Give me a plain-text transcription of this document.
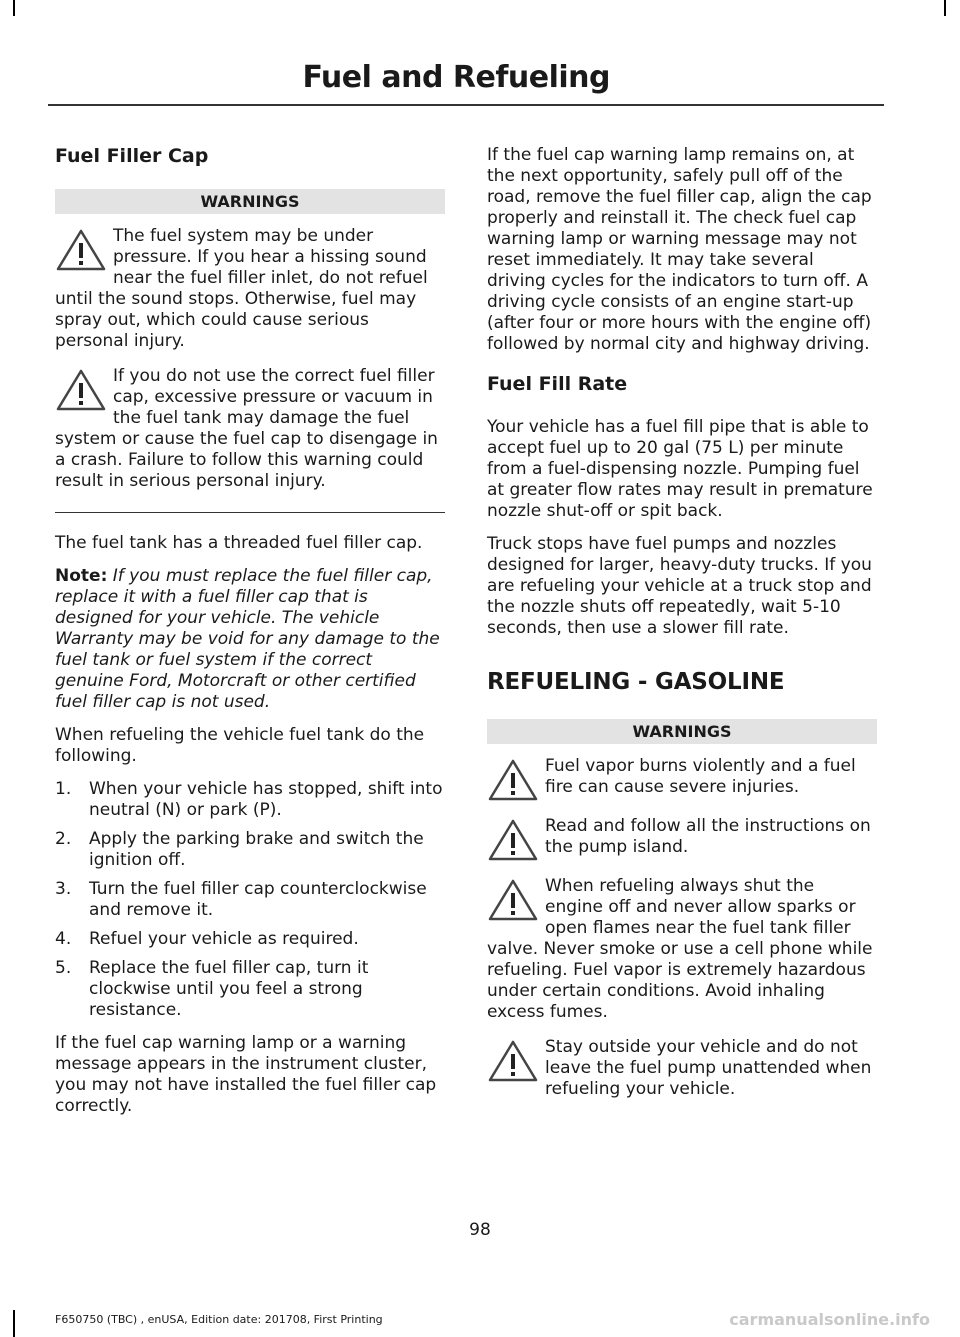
Fuel and Refueling
Fuel Filler Cap
WARNINGS

The fuel system may be under pressure. If you hear a hissing sound near the fuel filler inlet, do not refuel until the sound stops. Otherwise, fuel may spray out, which could cause serious personal injury.

If you do not use the correct fuel filler cap, excessive pressure or vacuum in the fuel tank may damage the fuel system or cause the fuel cap to disengage in a crash. Failure to follow this warning could result in serious personal injury.

The fuel tank has a threaded fuel filler cap.

Note: If you must replace the fuel filler cap, replace it with a fuel filler cap that is designed for your vehicle. The vehicle Warranty may be void for any damage to the fuel tank or fuel system if the correct genuine Ford, Motorcraft or other certified fuel filler cap is not used.

When refueling the vehicle fuel tank do the following.

1.	When your vehicle has stopped, shift into neutral (N) or park (P).
2.	Apply the parking brake and switch the ignition off.
3.	Turn the fuel filler cap counterclockwise and remove it.
4.	Refuel your vehicle as required.
5.	Replace the fuel filler cap, turn it clockwise until you feel a strong resistance.

If the fuel cap warning lamp or a warning message appears in the instrument cluster, you may not have installed the fuel filler cap correctly.

If the fuel cap warning lamp remains on, at the next opportunity, safely pull off of the road, remove the fuel filler cap, align the cap properly and reinstall it. The check fuel cap warning lamp or warning message may not reset immediately. It may take several driving cycles for the indicators to turn off. A driving cycle consists of an engine start-up (after four or more hours with the engine off) followed by normal city and highway driving.

Fuel Fill Rate

Your vehicle has a fuel fill pipe that is able to accept fuel up to 20 gal (75 L) per minute from a fuel-dispensing nozzle. Pumping fuel at greater flow rates may result in premature nozzle shut-off or spit back.

Truck stops have fuel pumps and nozzles designed for larger, heavy-duty trucks. If you are refueling your vehicle at a truck stop and the nozzle shuts off repeatedly, wait 5-10 seconds, then use a slower fill rate.

REFUELING - GASOLINE
WARNINGS

Fuel vapor burns violently and a fuel fire can cause severe injuries.

Read and follow all the instructions on the pump island.

When refueling always shut the engine off and never allow sparks or open flames near the fuel tank filler valve. Never smoke or use a cell phone while refueling. Fuel vapor is extremely hazardous under certain conditions. Avoid inhaling excess fumes.

Stay outside your vehicle and do not leave the fuel pump unattended when refueling your vehicle.

98
F650750 (TBC) , enUSA, Edition date: 201708, First Printing	carmanualsonline.info
